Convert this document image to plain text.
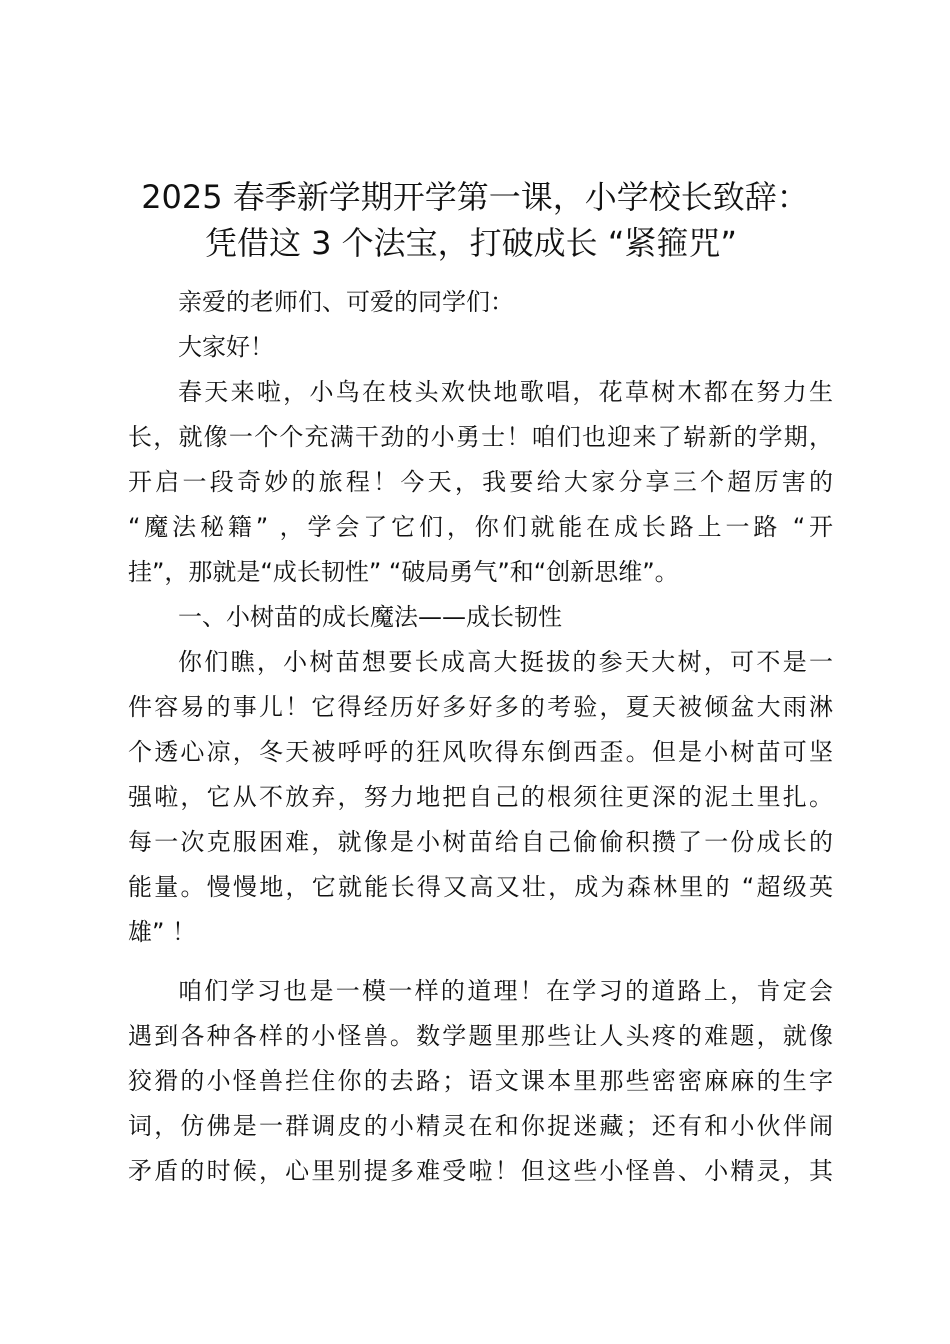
2025 春季新学期开学第一课，小学校长致辞：
凭借这 3 个法宝，打破成长 “紧箍咒”
亲爱的老师们、可爱的同学们：
大家好！
春天来啦，小鸟在枝头欢快地歌唱，花草树木都在努力生
长，就像一个个充满干劲的小勇士！咱们也迎来了崭新的学期，
开启一段奇妙的旅程！今天，我要给大家分享三个超厉害的
“魔法秘籍” ，学会了它们，你们就能在成长路上一路 “开
挂”，那就是“成长韧性” “破局勇气”和“创新思维”。
一、小树苗的成长魔法——成长韧性
你们瞧，小树苗想要长成高大挺拔的参天大树，可不是一
件容易的事儿！它得经历好多好多的考验，夏天被倾盆大雨淋
个透心凉，冬天被呼呼的狂风吹得东倒西歪。但是小树苗可坚
强啦，它从不放弃，努力地把自己的根须往更深的泥土里扎。
每一次克服困难，就像是小树苗给自己偷偷积攒了一份成长的
能量。慢慢地，它就能长得又高又壮，成为森林里的 “超级英
雄” ！
咱们学习也是一模一样的道理！在学习的道路上，肯定会
遇到各种各样的小怪兽。数学题里那些让人头疼的难题，就像
狡猾的小怪兽拦住你的去路；语文课本里那些密密麻麻的生字
词，仿佛是一群调皮的小精灵在和你捉迷藏；还有和小伙伴闹
矛盾的时候，心里别提多难受啦！但这些小怪兽、小精灵，其
